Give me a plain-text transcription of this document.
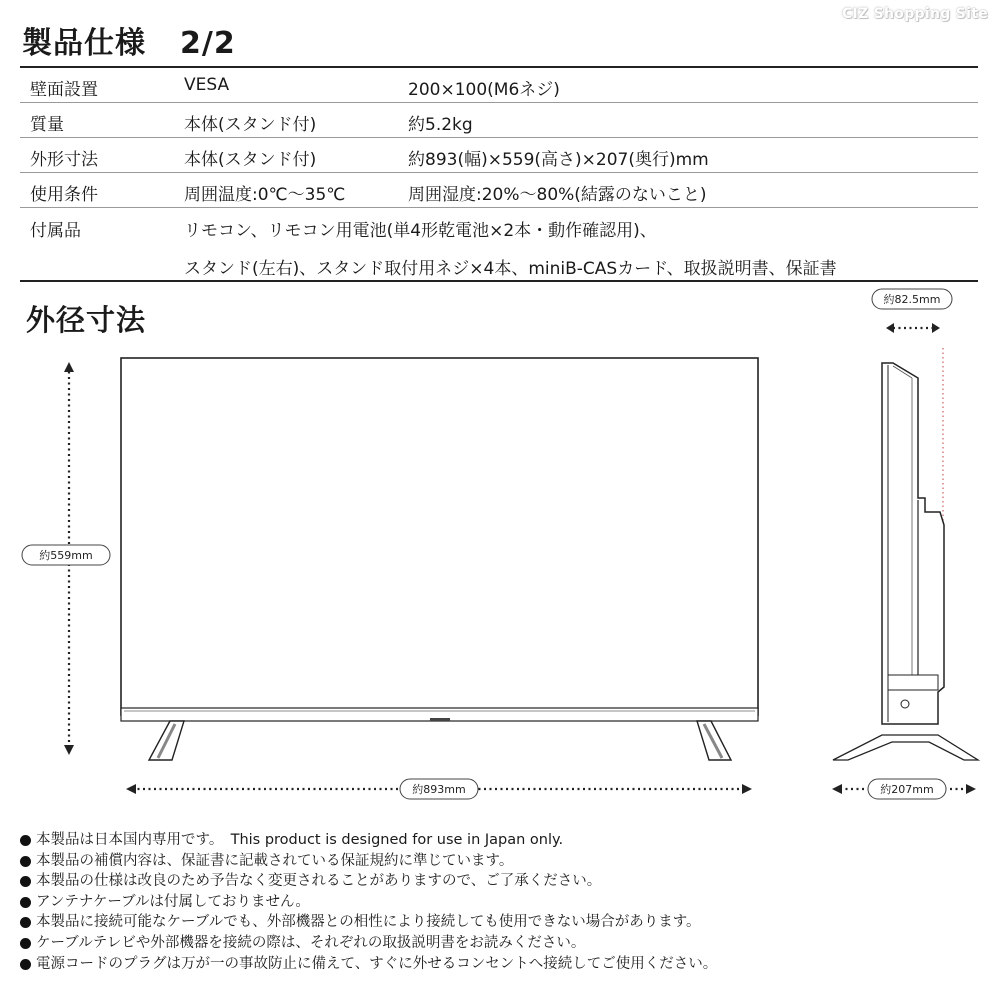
CIZ Shopping Site
製品仕様 2/2
壁面設置	VESA	200×100(M6ネジ)
質量	本体(スタンド付)	約5.2kg
外形寸法	本体(スタンド付)	約893(幅)×559(高さ)×207(奥行)mm
使用条件	周囲温度:0℃〜35℃	周囲湿度:20%〜80%(結露のないこと)
付属品	リモコン、リモコン用電池(単4形乾電池×2本・動作確認用)、
スタンド(左右)、スタンド取付用ネジ×4本、miniB-CASカード、取扱説明書、保証書
外径寸法
約559mm
約893mm
約82.5mm
約207mm
本製品は日本国内専用です。　This product is designed for use in Japan only.
本製品の補償内容は、保証書に記載されている保証規約に準じています。
本製品の仕様は改良のため予告なく変更されることがありますので、ご了承ください。
アンテナケーブルは付属しておりません。
本製品に接続可能なケーブルでも、外部機器との相性により接続しても使用できない場合があります。
ケーブルテレビや外部機器を接続の際は、それぞれの取扱説明書をお読みください。
電源コードのプラグは万が一の事故防止に備えて、すぐに外せるコンセントへ接続してご使用ください。
